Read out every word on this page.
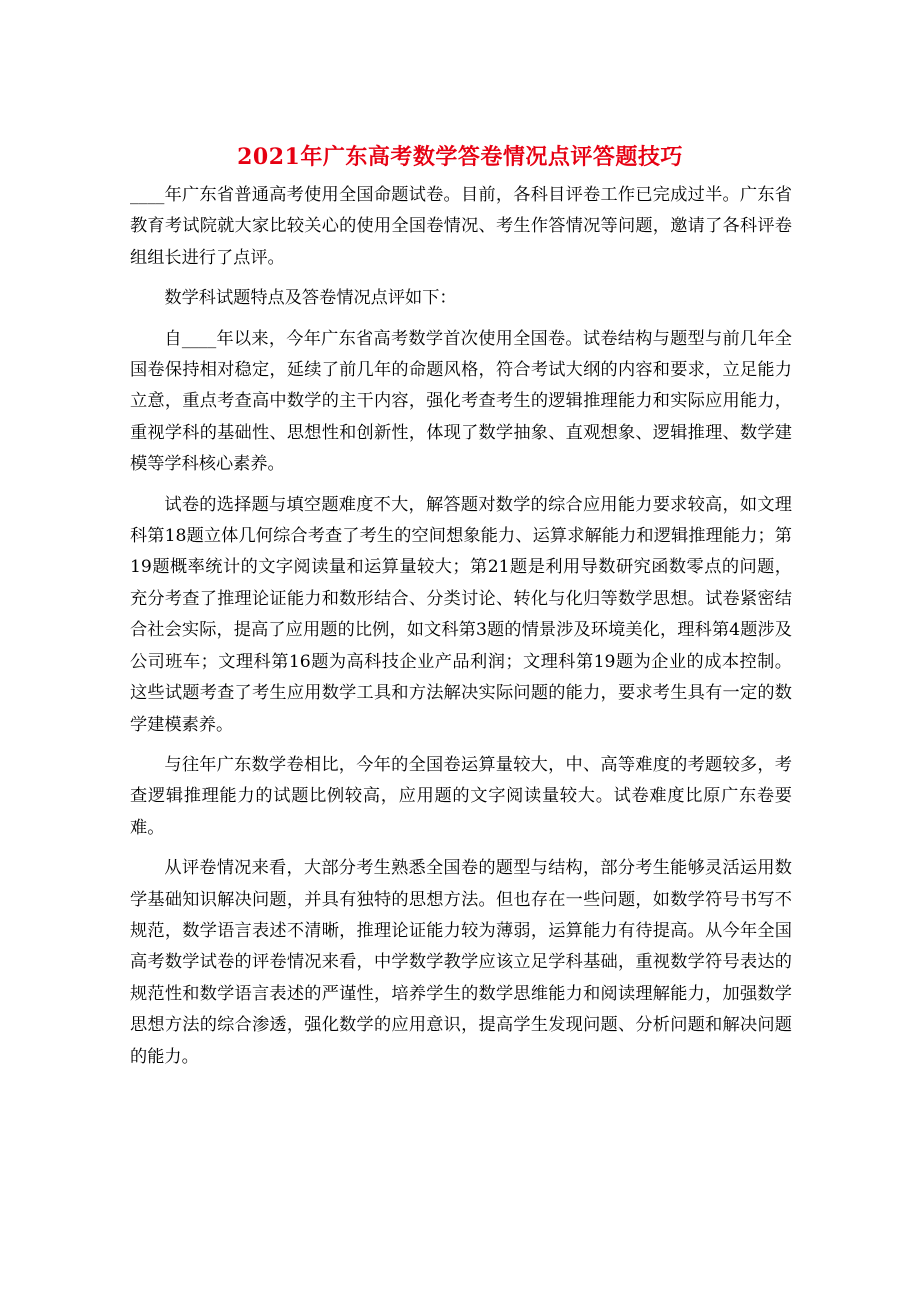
2021年广东高考数学答卷情况点评答题技巧

____年广东省普通高考使用全国命题试卷。目前，各科目评卷工作已完成过半。广东省教育考试院就大家比较关心的使用全国卷情况、考生作答情况等问题，邀请了各科评卷组组长进行了点评。

数学科试题特点及答卷情况点评如下：

自____年以来，今年广东省高考数学首次使用全国卷。试卷结构与题型与前几年全国卷保持相对稳定，延续了前几年的命题风格，符合考试大纲的内容和要求，立足能力立意，重点考查高中数学的主干内容，强化考查考生的逻辑推理能力和实际应用能力，重视学科的基础性、思想性和创新性，体现了数学抽象、直观想象、逻辑推理、数学建模等学科核心素养。

试卷的选择题与填空题难度不大，解答题对数学的综合应用能力要求较高，如文理科第18题立体几何综合考查了考生的空间想象能力、运算求解能力和逻辑推理能力；第19题概率统计的文字阅读量和运算量较大；第21题是利用导数研究函数零点的问题，充分考查了推理论证能力和数形结合、分类讨论、转化与化归等数学思想。试卷紧密结合社会实际，提高了应用题的比例，如文科第3题的情景涉及环境美化，理科第4题涉及公司班车；文理科第16题为高科技企业产品利润；文理科第19题为企业的成本控制。这些试题考查了考生应用数学工具和方法解决实际问题的能力，要求考生具有一定的数学建模素养。

与往年广东数学卷相比，今年的全国卷运算量较大，中、高等难度的考题较多，考查逻辑推理能力的试题比例较高，应用题的文字阅读量较大。试卷难度比原广东卷要难。

从评卷情况来看，大部分考生熟悉全国卷的题型与结构，部分考生能够灵活运用数学基础知识解决问题，并具有独特的思想方法。但也存在一些问题，如数学符号书写不规范，数学语言表述不清晰，推理论证能力较为薄弱，运算能力有待提高。从今年全国高考数学试卷的评卷情况来看，中学数学教学应该立足学科基础，重视数学符号表达的规范性和数学语言表述的严谨性，培养学生的数学思维能力和阅读理解能力，加强数学思想方法的综合渗透，强化数学的应用意识，提高学生发现问题、分析问题和解决问题的能力。
